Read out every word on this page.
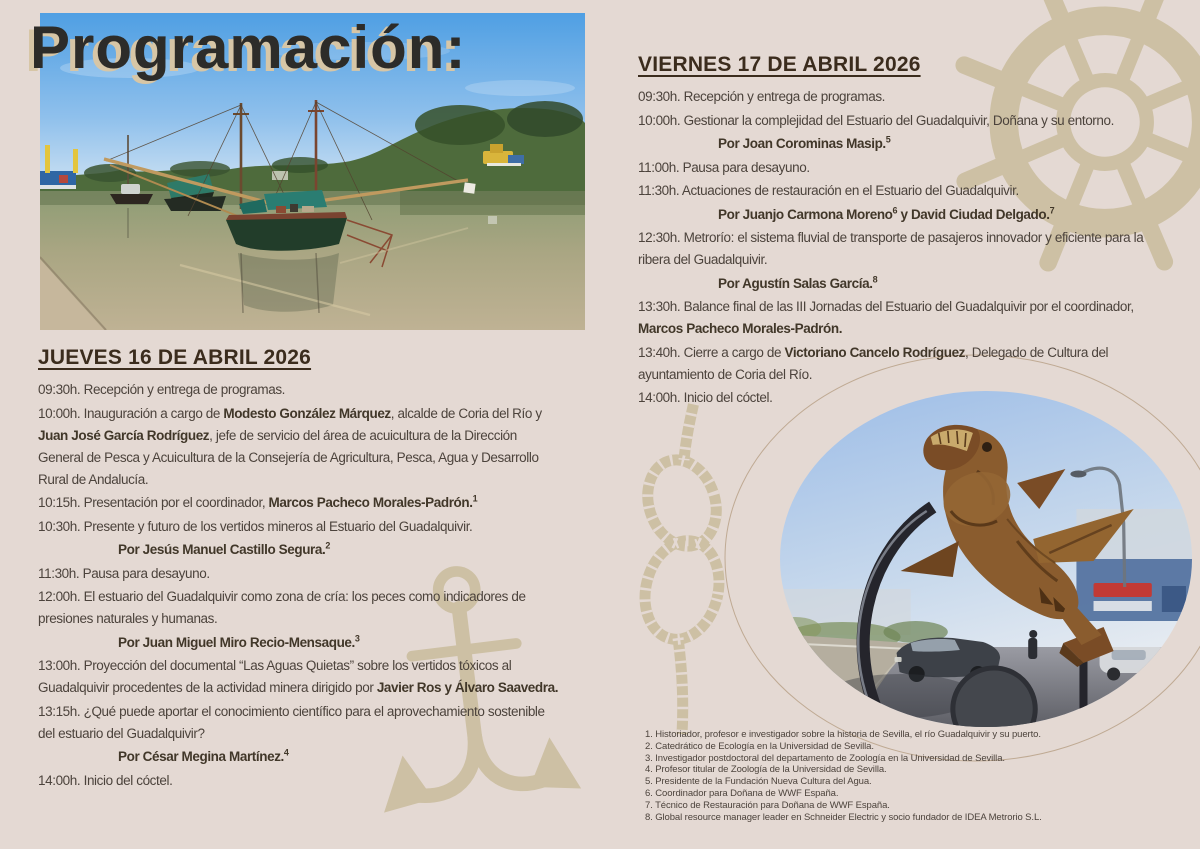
Programación:
JUEVES 16 DE ABRIL 2026

09:30h. Recepción y entrega de programas.

10:00h. Inauguración a cargo de Modesto González Márquez, alcalde de Coria del Río y
Juan José García Rodríguez, jefe de servicio del área de acuicultura de la Dirección
General de Pesca y Acuicultura de la Consejería de Agricultura, Pesca, Agua y Desarrollo
Rural de Andalucía.

10:15h. Presentación por el coordinador, Marcos Pacheco Morales-Padrón.$^1$

10:30h. Presente y futuro de los vertidos mineros al Estuario del Guadalquivir.

Por Jesús Manuel Castillo Segura.$^2$

11:30h. Pausa para desayuno.

12:00h. El estuario del Guadalquivir como zona de cría: los peces como indicadores de
presiones naturales y humanas.

Por Juan Miguel Miro Recio-Mensaque.$^3$

13:00h. Proyección del documental “Las Aguas Quietas” sobre los vertidos tóxicos al
Guadalquivir procedentes de la actividad minera dirigido por Javier Ros y Álvaro Saavedra.

13:15h. ¿Qué puede aportar el conocimiento científico para el aprovechamiento sostenible
del estuario del Guadalquivir?

Por César Megina Martínez.$^4$

14:00h. Inicio del cóctel.

VIERNES 17 DE ABRIL 2026

09:30h. Recepción y entrega de programas.

10:00h. Gestionar la complejidad del Estuario del Guadalquivir, Doñana y su entorno.

Por Joan Corominas Masip.$^5$

11:00h. Pausa para desayuno.

11:30h. Actuaciones de restauración en el Estuario del Guadalquivir.

Por Juanjo Carmona Moreno$^6$ y David Ciudad Delgado.$^7$

12:30h. Metrorío: el sistema fluvial de transporte de pasajeros innovador y eficiente para la
ribera del Guadalquivir.

Por Agustín Salas García.$^8$

13:30h. Balance final de las III Jornadas del Estuario del Guadalquivir por el coordinador,
Marcos Pacheco Morales-Padrón.

13:40h. Cierre a cargo de Victoriano Cancelo Rodríguez, Delegado de Cultura del
ayuntamiento de Coria del Río.

14:00h. Inicio del cóctel.

1. Historiador, profesor e investigador sobre la historia de Sevilla, el río Guadalquivir y su puerto.
2. Catedrático de Ecología en la Universidad de Sevilla.
3. Investigador postdoctoral del departamento de Zoología en la Universidad de Sevilla.
4. Profesor titular de Zoología de la Universidad de Sevilla.
5. Presidente de la Fundación Nueva Cultura del Agua.
6. Coordinador para Doñana de WWF España.
7. Técnico de Restauración para Doñana de WWF España.
8. Global resource manager leader en Schneider Electric y socio fundador de IDEA Metrorio S.L.
